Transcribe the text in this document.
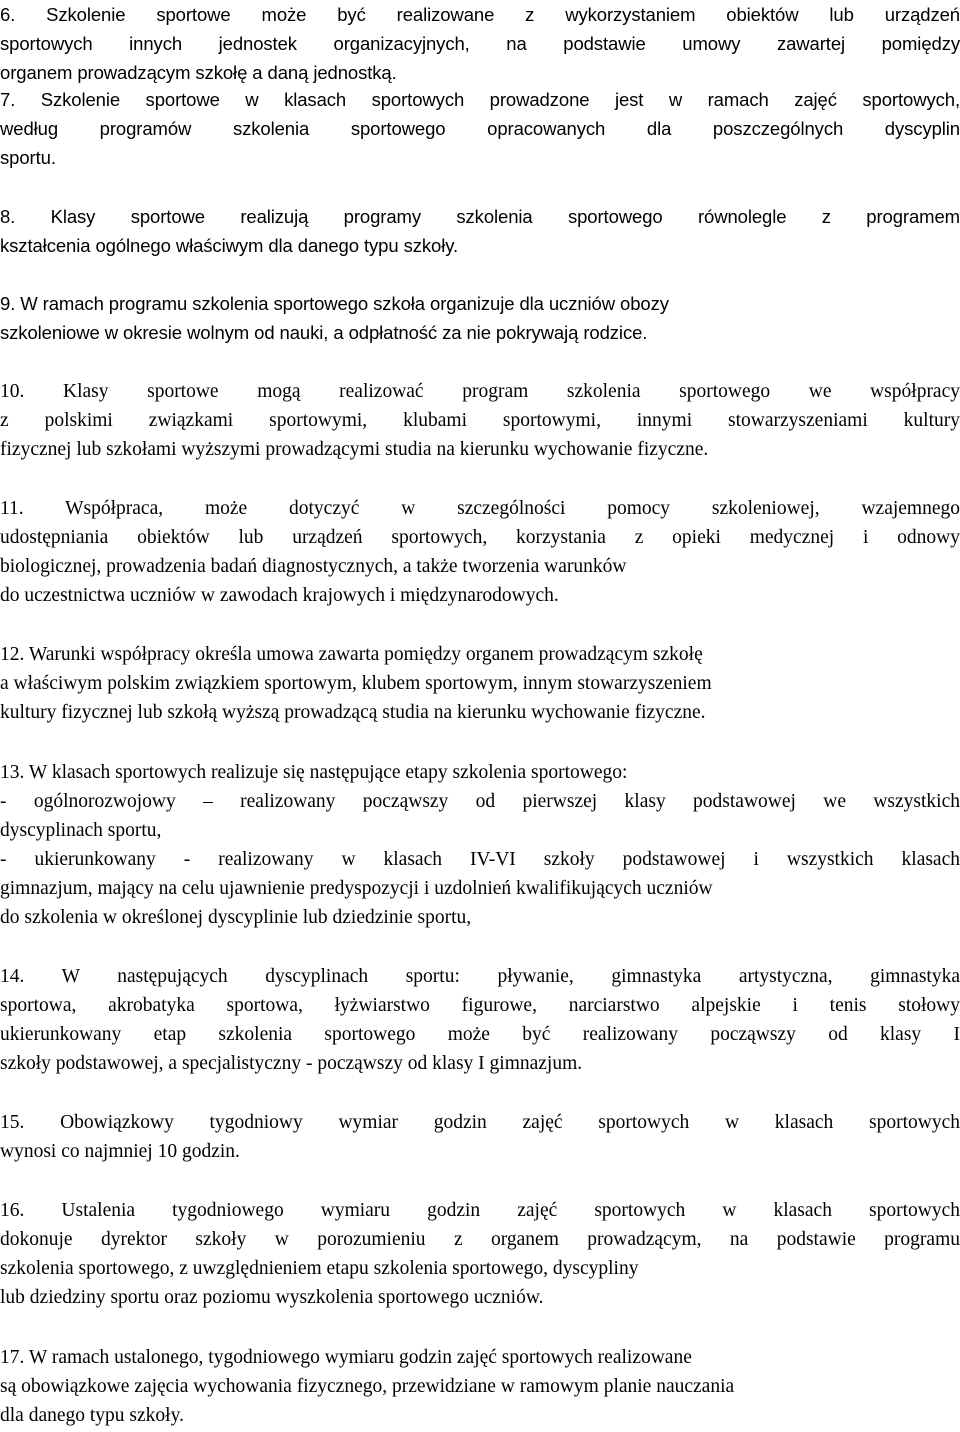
6. Szkolenie sportowe może być realizowane z wykorzystaniem obiektów lub urządzeń
sportowych innych jednostek organizacyjnych, na podstawie umowy zawartej pomiędzy
organem prowadzącym szkołę a daną jednostką.
7. Szkolenie sportowe w klasach sportowych prowadzone jest w ramach zajęć sportowych,
według programów szkolenia sportowego opracowanych dla poszczególnych dyscyplin
sportu.
8. Klasy sportowe realizują programy szkolenia sportowego równolegle z programem
kształcenia ogólnego właściwym dla danego typu szkoły.
9. W ramach programu szkolenia sportowego szkoła organizuje dla uczniów obozy
szkoleniowe w okresie wolnym od nauki, a odpłatność za nie pokrywają rodzice.
10. Klasy sportowe mogą realizować program szkolenia sportowego we współpracy
z polskimi związkami sportowymi, klubami sportowymi, innymi stowarzyszeniami kultury
fizycznej lub szkołami wyższymi prowadzącymi studia na kierunku wychowanie fizyczne.
11. Współpraca, może dotyczyć w szczególności pomocy szkoleniowej, wzajemnego
udostępniania obiektów lub urządzeń sportowych, korzystania z opieki medycznej i odnowy
biologicznej, prowadzenia badań diagnostycznych, a także tworzenia warunków
do uczestnictwa uczniów w zawodach krajowych i międzynarodowych.
12. Warunki współpracy określa umowa zawarta pomiędzy organem prowadzącym szkołę
a właściwym polskim związkiem sportowym, klubem sportowym, innym stowarzyszeniem
kultury fizycznej lub szkołą wyższą prowadzącą studia na kierunku wychowanie fizyczne.
13. W klasach sportowych realizuje się następujące etapy szkolenia sportowego:
- ogólnorozwojowy – realizowany począwszy od pierwszej klasy podstawowej we wszystkich
dyscyplinach sportu,
- ukierunkowany - realizowany w klasach IV-VI szkoły podstawowej i wszystkich klasach
gimnazjum, mający na celu ujawnienie predyspozycji i uzdolnień kwalifikujących uczniów
do szkolenia w określonej dyscyplinie lub dziedzinie sportu,
14. W następujących dyscyplinach sportu: pływanie, gimnastyka artystyczna, gimnastyka
sportowa, akrobatyka sportowa, łyżwiarstwo figurowe, narciarstwo alpejskie i tenis stołowy
ukierunkowany etap szkolenia sportowego może być realizowany począwszy od klasy I
szkoły podstawowej, a specjalistyczny - począwszy od klasy I gimnazjum.
15. Obowiązkowy tygodniowy wymiar godzin zajęć sportowych w klasach sportowych
wynosi co najmniej 10 godzin.
16. Ustalenia tygodniowego wymiaru godzin zajęć sportowych w klasach sportowych
dokonuje dyrektor szkoły w porozumieniu z organem prowadzącym, na podstawie programu
szkolenia sportowego, z uwzględnieniem etapu szkolenia sportowego, dyscypliny
lub dziedziny sportu oraz poziomu wyszkolenia sportowego uczniów.
17. W ramach ustalonego, tygodniowego wymiaru godzin zajęć sportowych realizowane
są obowiązkowe zajęcia wychowania fizycznego, przewidziane w ramowym planie nauczania
dla danego typu szkoły.
